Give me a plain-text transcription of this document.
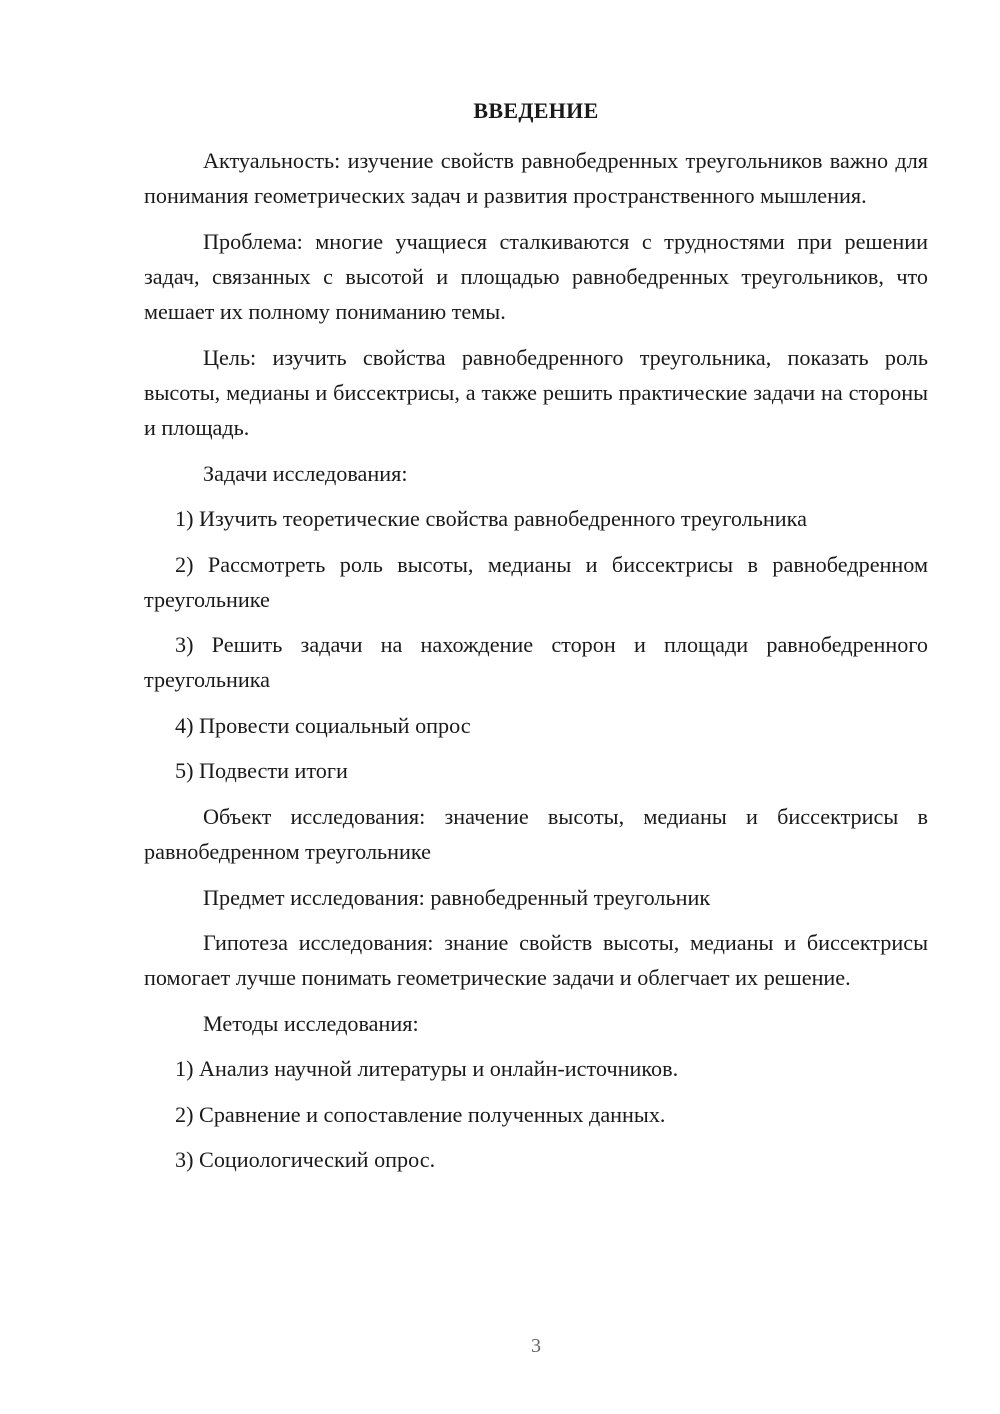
ВВЕДЕНИЕ

Актуальность: изучение свойств равнобедренных треугольников важно для понимания геометрических задач и развития пространственного мышления.

Проблема: многие учащиеся сталкиваются с трудностями при решении задач, связанных с высотой и площадью равнобедренных треугольников, что мешает их полному пониманию темы.

Цель: изучить свойства равнобедренного треугольника, показать роль высоты, медианы и биссектрисы, а также решить практические задачи на стороны и площадь.

Задачи исследования:

1) Изучить теоретические свойства равнобедренного треугольника

2) Рассмотреть роль высоты, медианы и биссектрисы в равнобедренном треугольнике

3) Решить задачи на нахождение сторон и площади равнобедренного треугольника

4) Провести социальный опрос

5) Подвести итоги

Объект исследования: значение высоты, медианы и биссектрисы в равнобедренном треугольнике

Предмет исследования: равнобедренный треугольник

Гипотеза исследования: знание свойств высоты, медианы и биссектрисы помогает лучше понимать геометрические задачи и облегчает их решение.

Методы исследования:

1) Анализ научной литературы и онлайн-источников.

2) Сравнение и сопоставление полученных данных.

3) Социологический опрос.

3
